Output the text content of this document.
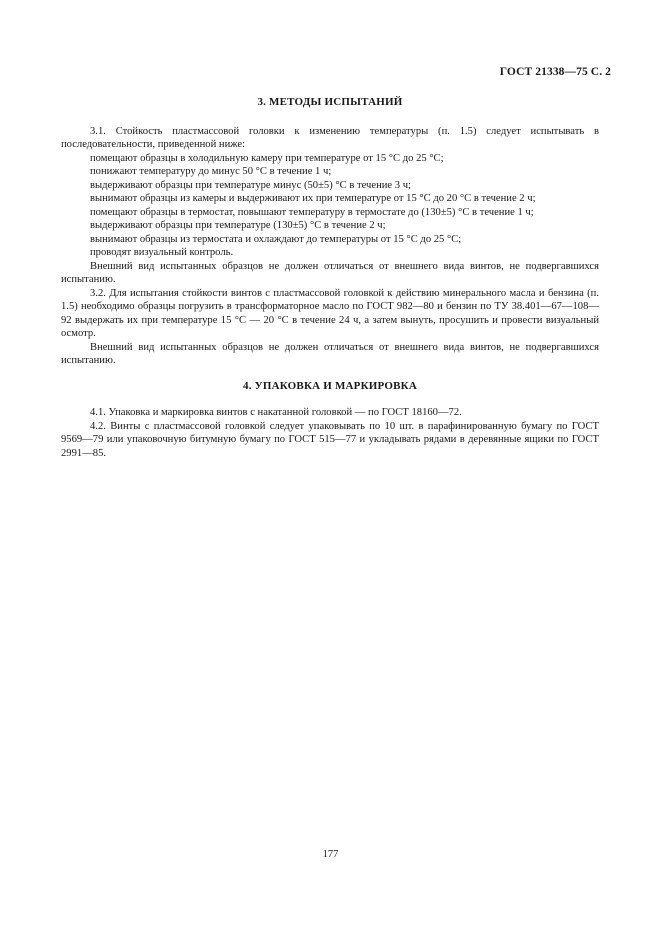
ГОСТ 21338—75 С. 2
3. МЕТОДЫ ИСПЫТАНИЙ

3.1. Стойкость пластмассовой головки к изменению температуры (п. 1.5) следует испытывать в последовательности, приведенной ниже:

помещают образцы в холодильную камеру при температуре от 15 °С до 25 °С;

понижают температуру до минус 50 °С в течение 1 ч;

выдерживают образцы при температуре минус (50±5) °С в течение 3 ч;

вынимают образцы из камеры и выдерживают их при температуре от 15 °С до 20 °С в течение 2 ч;

помещают образцы в термостат, повышают температуру в термостате до (130±5) °С в течение 1 ч;

выдерживают образцы при температуре (130±5) °С в течение 2 ч;

вынимают образцы из термостата и охлаждают до температуры от 15 °С до 25 °С;

проводят визуальный контроль.

Внешний вид испытанных образцов не должен отличаться от внешнего вида винтов, не подвергавшихся испытанию.

3.2. Для испытания стойкости винтов с пластмассовой головкой к действию минерального масла и бензина (п. 1.5) необходимо образцы погрузить в трансформаторное масло по ГОСТ 982—80 и бензин по ТУ 38.401—67—108—92 выдержать их при температуре 15 °С — 20 °С в течение 24 ч, а затем вынуть, просушить и провести визуальный осмотр.

Внешний вид испытанных образцов не должен отличаться от внешнего вида винтов, не подвергавшихся испытанию.

4. УПАКОВКА И МАРКИРОВКА

4.1. Упаковка и маркировка винтов с накатанной головкой — по ГОСТ 18160—72.

4.2. Винты с пластмассовой головкой следует упаковывать по 10 шт. в парафинированную бумагу по ГОСТ 9569—79 или упаковочную битумную бумагу по ГОСТ 515—77 и укладывать рядами в деревянные ящики по ГОСТ 2991—85.

177
